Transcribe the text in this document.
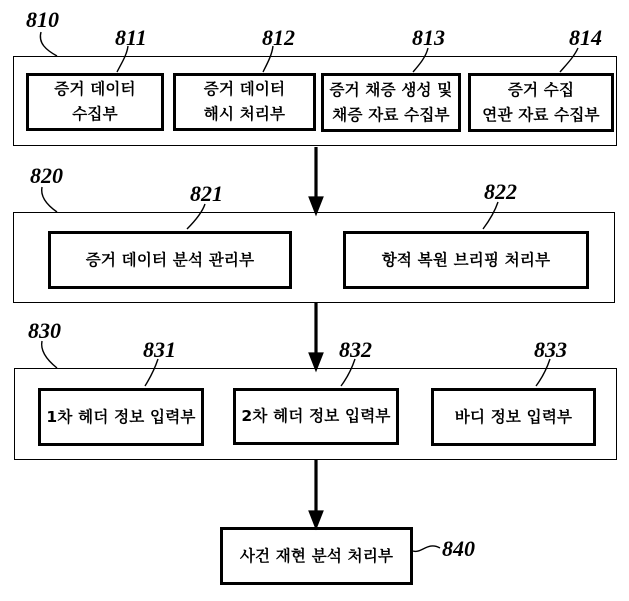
810
811	812	813	814
820
821	822
830
831	832	833
840
증거 데이터
수집부
증거 데이터
해시 처리부
증거 채증 생성 및
채증 자료 수집부
증거 수집
연관 자료 수집부
증거 데이터 분석 관리부	항적 복원 브리핑 처리부
1차 헤더 정보 입력부	2차 헤더 정보 입력부	바디 정보 입력부
사건 재현 분석 처리부
